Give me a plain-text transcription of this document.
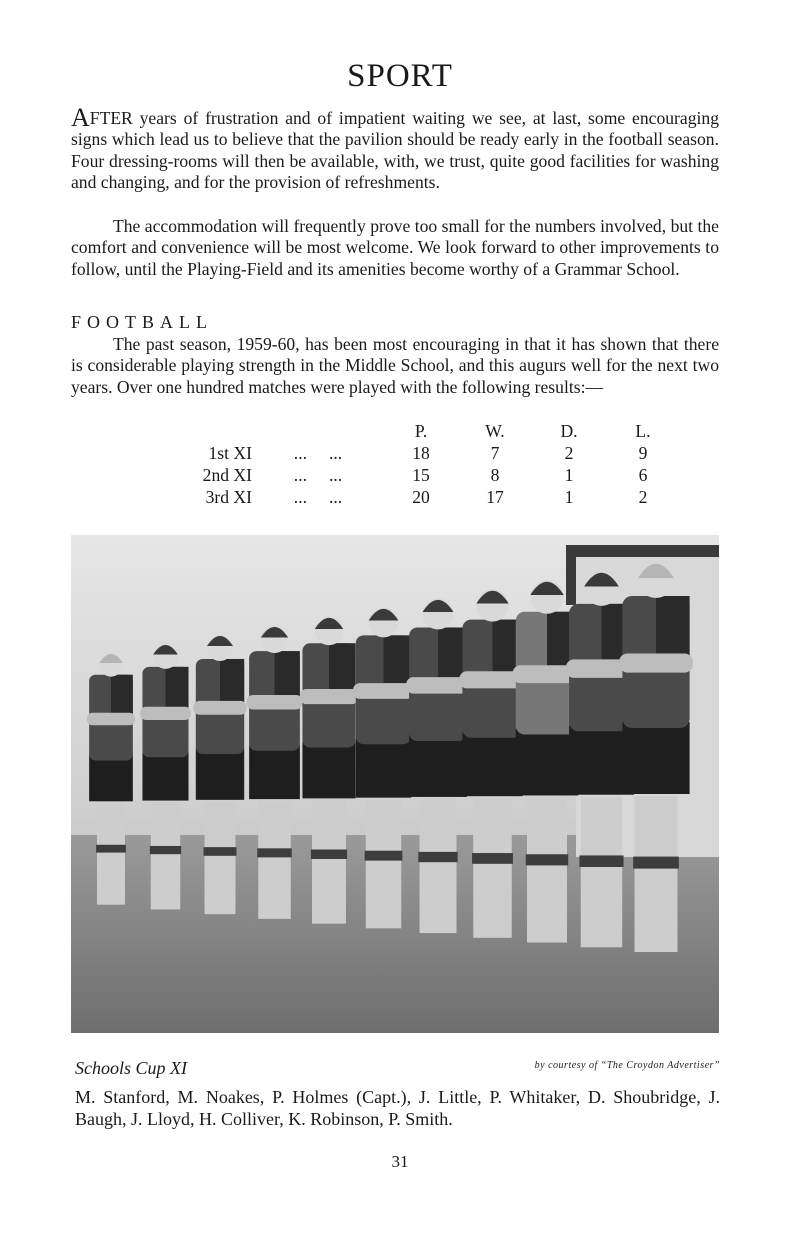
SPORT

AFTER years of frustration and of impatient waiting we see, at last, some encouraging signs which lead us to believe that the pavilion should be ready early in the football season. Four dressing-rooms will then be available, with, we trust, quite good facilities for washing and changing, and for the provision of refreshments.

The accommodation will frequently prove too small for the numbers involved, but the comfort and convenience will be most welcome. We look forward to other improvements to follow, until the Playing-Field and its amenities become worthy of a Grammar School.

FOOTBALL

The past season, 1959-60, has been most encouraging in that it has shown that there is considerable playing strength in the Middle School, and this augurs well for the next two years. Over one hundred matches were played with the following results:—

		P.	W.	D.	L.
1st XI	...     ...	18	7	2	9
2nd XI	...     ...	15	8	1	6
3rd XI	...     ...	20	17	1	2
Schools Cup XI	by courtesy of “The Croydon Advertiser”
M. Stanford, M. Noakes, P. Holmes (Capt.), J. Little, P. Whitaker, D. Shoubridge, J. Baugh, J. Lloyd, H. Colliver, K. Robinson, P. Smith.
31
